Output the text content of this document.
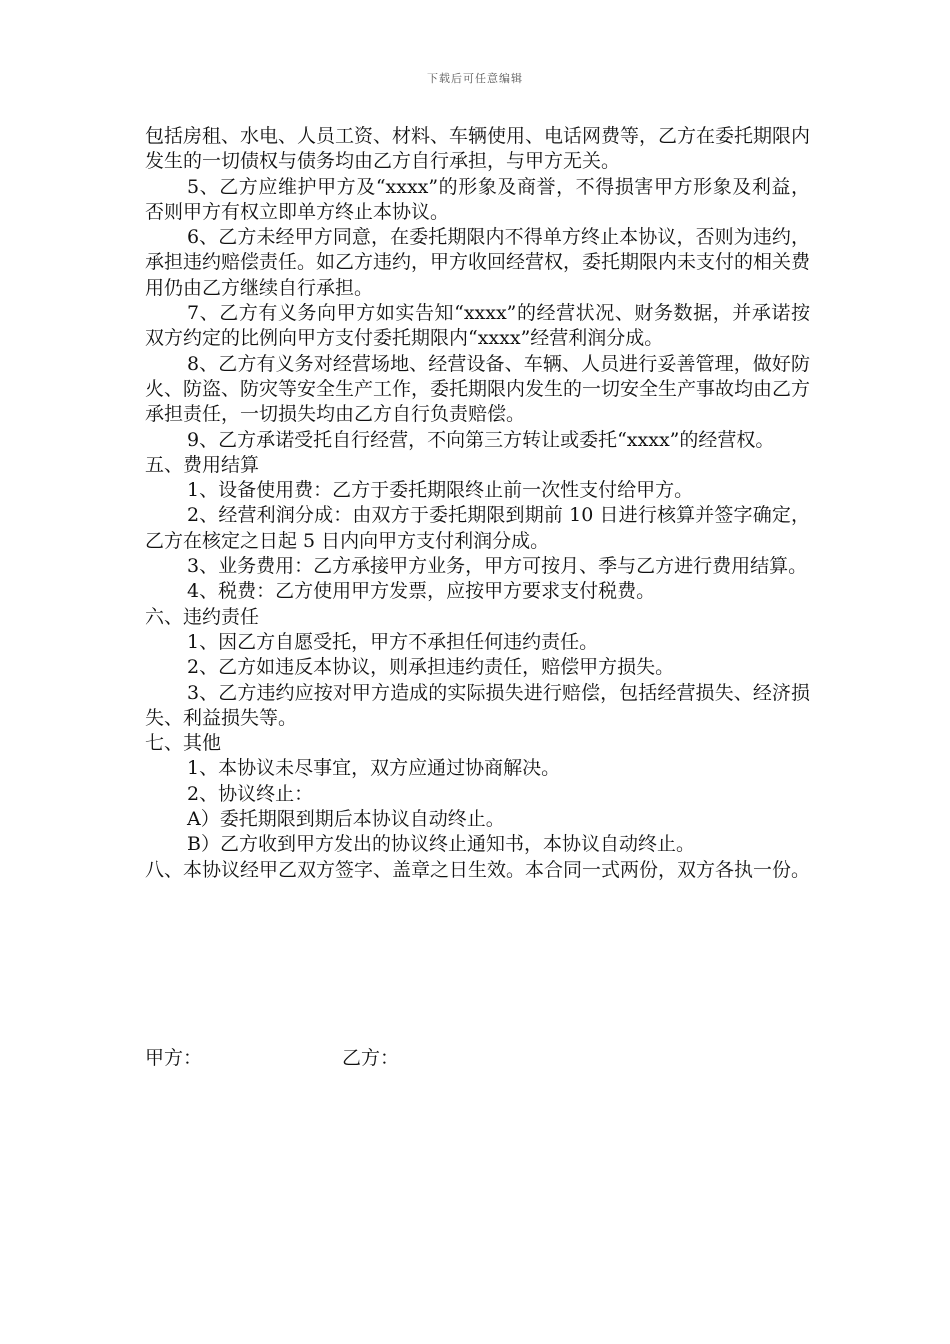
下载后可任意编辑

包括房租、水电、人员工资、材料、车辆使用、电话网费等，乙方在委托期限内发生的一切债权与债务均由乙方自行承担，与甲方无关。

5、乙方应维护甲方及“xxxx”的形象及商誉，不得损害甲方形象及利益，否则甲方有权立即单方终止本协议。

6、乙方未经甲方同意，在委托期限内不得单方终止本协议，否则为违约，承担违约赔偿责任。如乙方违约，甲方收回经营权，委托期限内未支付的相关费用仍由乙方继续自行承担。

7、乙方有义务向甲方如实告知“xxxx”的经营状况、财务数据，并承诺按双方约定的比例向甲方支付委托期限内“xxxx”经营利润分成。

8、乙方有义务对经营场地、经营设备、车辆、人员进行妥善管理，做好防火、防盗、防灾等安全生产工作，委托期限内发生的一切安全生产事故均由乙方承担责任，一切损失均由乙方自行负责赔偿。

9、乙方承诺受托自行经营，不向第三方转让或委托“xxxx”的经营权。

五、费用结算

1、设备使用费：乙方于委托期限终止前一次性支付给甲方。

2、经营利润分成：由双方于委托期限到期前 10 日进行核算并签字确定，乙方在核定之日起 5 日内向甲方支付利润分成。

3、业务费用：乙方承接甲方业务，甲方可按月、季与乙方进行费用结算。

4、税费：乙方使用甲方发票，应按甲方要求支付税费。

六、违约责任

1、因乙方自愿受托，甲方不承担任何违约责任。

2、乙方如违反本协议，则承担违约责任，赔偿甲方损失。

3、乙方违约应按对甲方造成的实际损失进行赔偿，包括经营损失、经济损失、利益损失等。

七、其他

1、本协议未尽事宜，双方应通过协商解决。

2、协议终止：

A）委托期限到期后本协议自动终止。

B）乙方收到甲方发出的协议终止通知书，本协议自动终止。

八、本协议经甲乙双方签字、盖章之日生效。本合同一式两份，双方各执一份。

甲方：	乙方：
